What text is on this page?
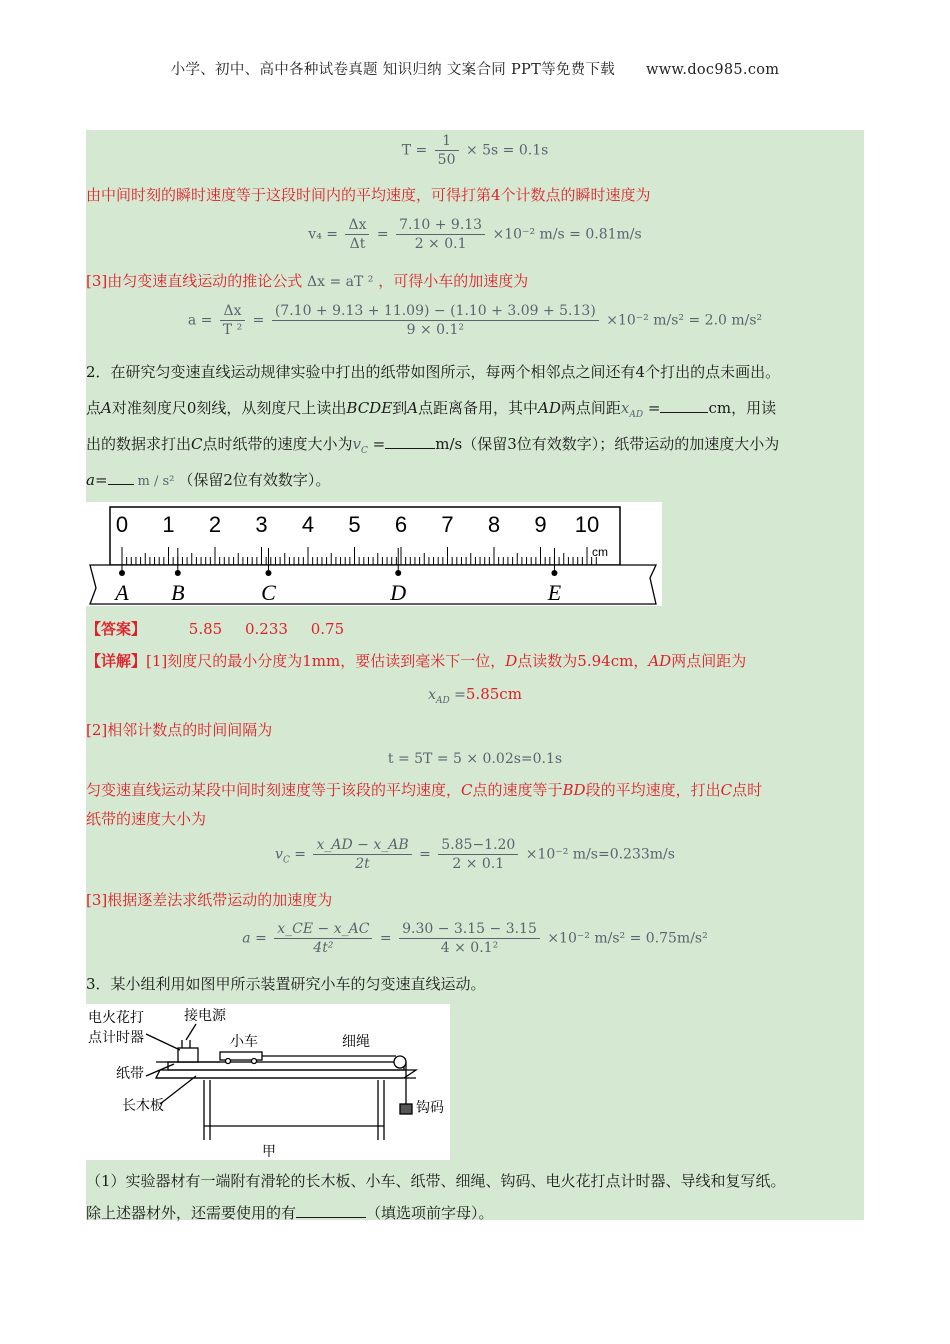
小学、初中、高中各种试卷真题 知识归纳 文案合同 PPT等免费下载 www.doc985.com
$T = \frac{1}{50} \times 5s = 0.1s$
由中间时刻的瞬时速度等于这段时间内的平均速度，可得打第4个计数点的瞬时速度为
$v_4 = \frac{\Delta x}{\Delta t} = \frac{7.10 + 9.13}{2 \times 0.1} \times 10^{-2}$ m/s = 0.81m/s
[3]由匀变速直线运动的推论公式 Δx = aT ² ，可得小车的加速度为
$a = \frac{\Delta x}{\text{T ²}} = \frac{(7.10 + 9.13 + 11.09) - (1.10 + 3.09 + 5.13)}{\text{9 × 0.1²}} \times 10^{-2}$ m/s² = 2.0 m/s²
2．在研究匀变速直线运动规律实验中打出的纸带如图所示，每两个相邻点之间还有4个打出的点未画出。
点A对准刻度尺0刻线，从刻度尺上读出BCDE到A点距离备用，其中AD两点间距$x_{AD}$ =	cm，用读
出的数据求打出C点时纸带的速度大小为$v_C$ =	m/s（保留3位有效数字）；纸带运动的加速度大小为
a= m / s² （保留2位有效数字）。
0 1 2 3 4 5 6 7 8 9 10
A B	C	D	E
cm
【答案】	5.85 0.233 0.75
【详解】[1]刻度尺的最小分度为1mm，要估读到毫米下一位，D点读数为5.94cm，AD两点间距为
$x_{AD} =5.85cm$
[2]相邻计数点的时间间隔为
t = 5T = 5 × 0.02s=0.1s
匀变速直线运动某段中间时刻速度等于该段的平均速度，C点的速度等于BD段的平均速度，打出C点时
纸带的速度大小为
$v_C = \frac{x\_AD - x\_AB}{2t} = \frac{5.85-1.20}{2 \times 0.1} \times 10^{-2}$ m/s=0.233m/s
[3]根据逐差法求纸带运动的加速度为
$a = \frac{x\_CE - x\_AC}{\text{4t²}} = \frac{9.30 - 3.15 - 3.15}{\text{4 × 0.1²}} \times 10^{-2}$ m/s² = 0.75m/s²
3．某小组利用如图甲所示装置研究小车的匀变速直线运动。
电火花打
点计时器
接电源
小车	细绳
纸带
长木板	钩码
甲
（1）实验器材有一端附有滑轮的长木板、小车、纸带、细绳、钩码、电火花打点计时器、导线和复写纸。
除上述器材外，还需要使用的有	（填选项前字母）。
